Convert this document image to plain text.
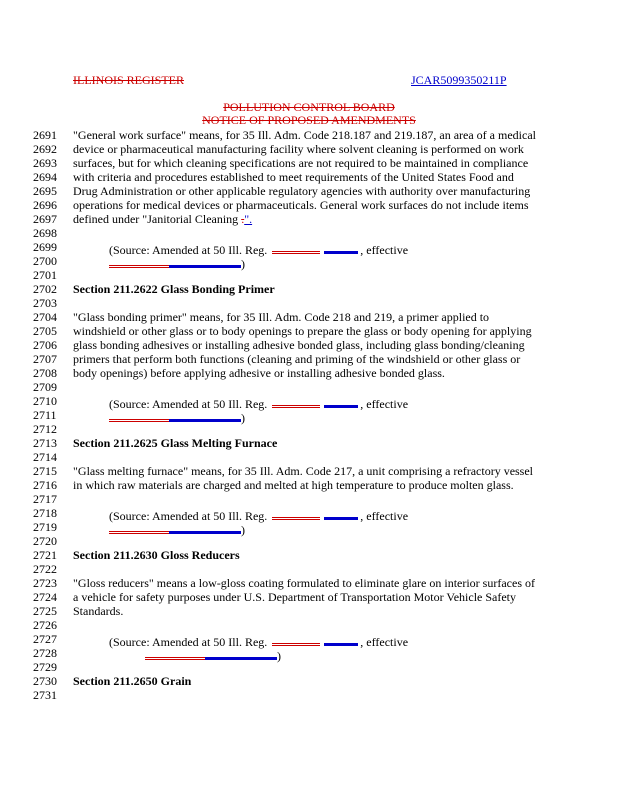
ILLINOIS REGISTER	JCAR5099350211P
POLLUTION CONTROL BOARD
NOTICE OF PROPOSED AMENDMENTS
2691	"General work surface" means, for 35 Ill. Adm. Code 218.187 and 219.187, an area of a medical
2692	device or pharmaceutical manufacturing facility where solvent cleaning is performed on work
2693	surfaces, but for which cleaning specifications are not required to be maintained in compliance
2694	with criteria and procedures established to meet requirements of the United States Food and
2695	Drug Administration or other applicable regulatory agencies with authority over manufacturing
2696	operations for medical devices or pharmaceuticals. General work surfaces do not include items
2697	defined under "Janitorial Cleaning .".
2698
2699	(Source: Amended at 50 Ill. Reg.	, effective
2700	)
2701
2702	Section 211.2622 Glass Bonding Primer
2703
2704	"Glass bonding primer" means, for 35 Ill. Adm. Code 218 and 219, a primer applied to
2705	windshield or other glass or to body openings to prepare the glass or body opening for applying
2706	glass bonding adhesives or installing adhesive bonded glass, including glass bonding/cleaning
2707	primers that perform both functions (cleaning and priming of the windshield or other glass or
2708	body openings) before applying adhesive or installing adhesive bonded glass.
2709
2710	(Source: Amended at 50 Ill. Reg.	, effective
2711	)
2712
2713	Section 211.2625 Glass Melting Furnace
2714
2715	"Glass melting furnace" means, for 35 Ill. Adm. Code 217, a unit comprising a refractory vessel
2716	in which raw materials are charged and melted at high temperature to produce molten glass.
2717
2718	(Source: Amended at 50 Ill. Reg.	, effective
2719	)
2720
2721	Section 211.2630 Gloss Reducers
2722
2723	"Gloss reducers" means a low-gloss coating formulated to eliminate glare on interior surfaces of
2724	a vehicle for safety purposes under U.S. Department of Transportation Motor Vehicle Safety
2725	Standards.
2726
2727	(Source: Amended at 50 Ill. Reg.	, effective
2728	)
2729
2730	Section 211.2650 Grain
2731
